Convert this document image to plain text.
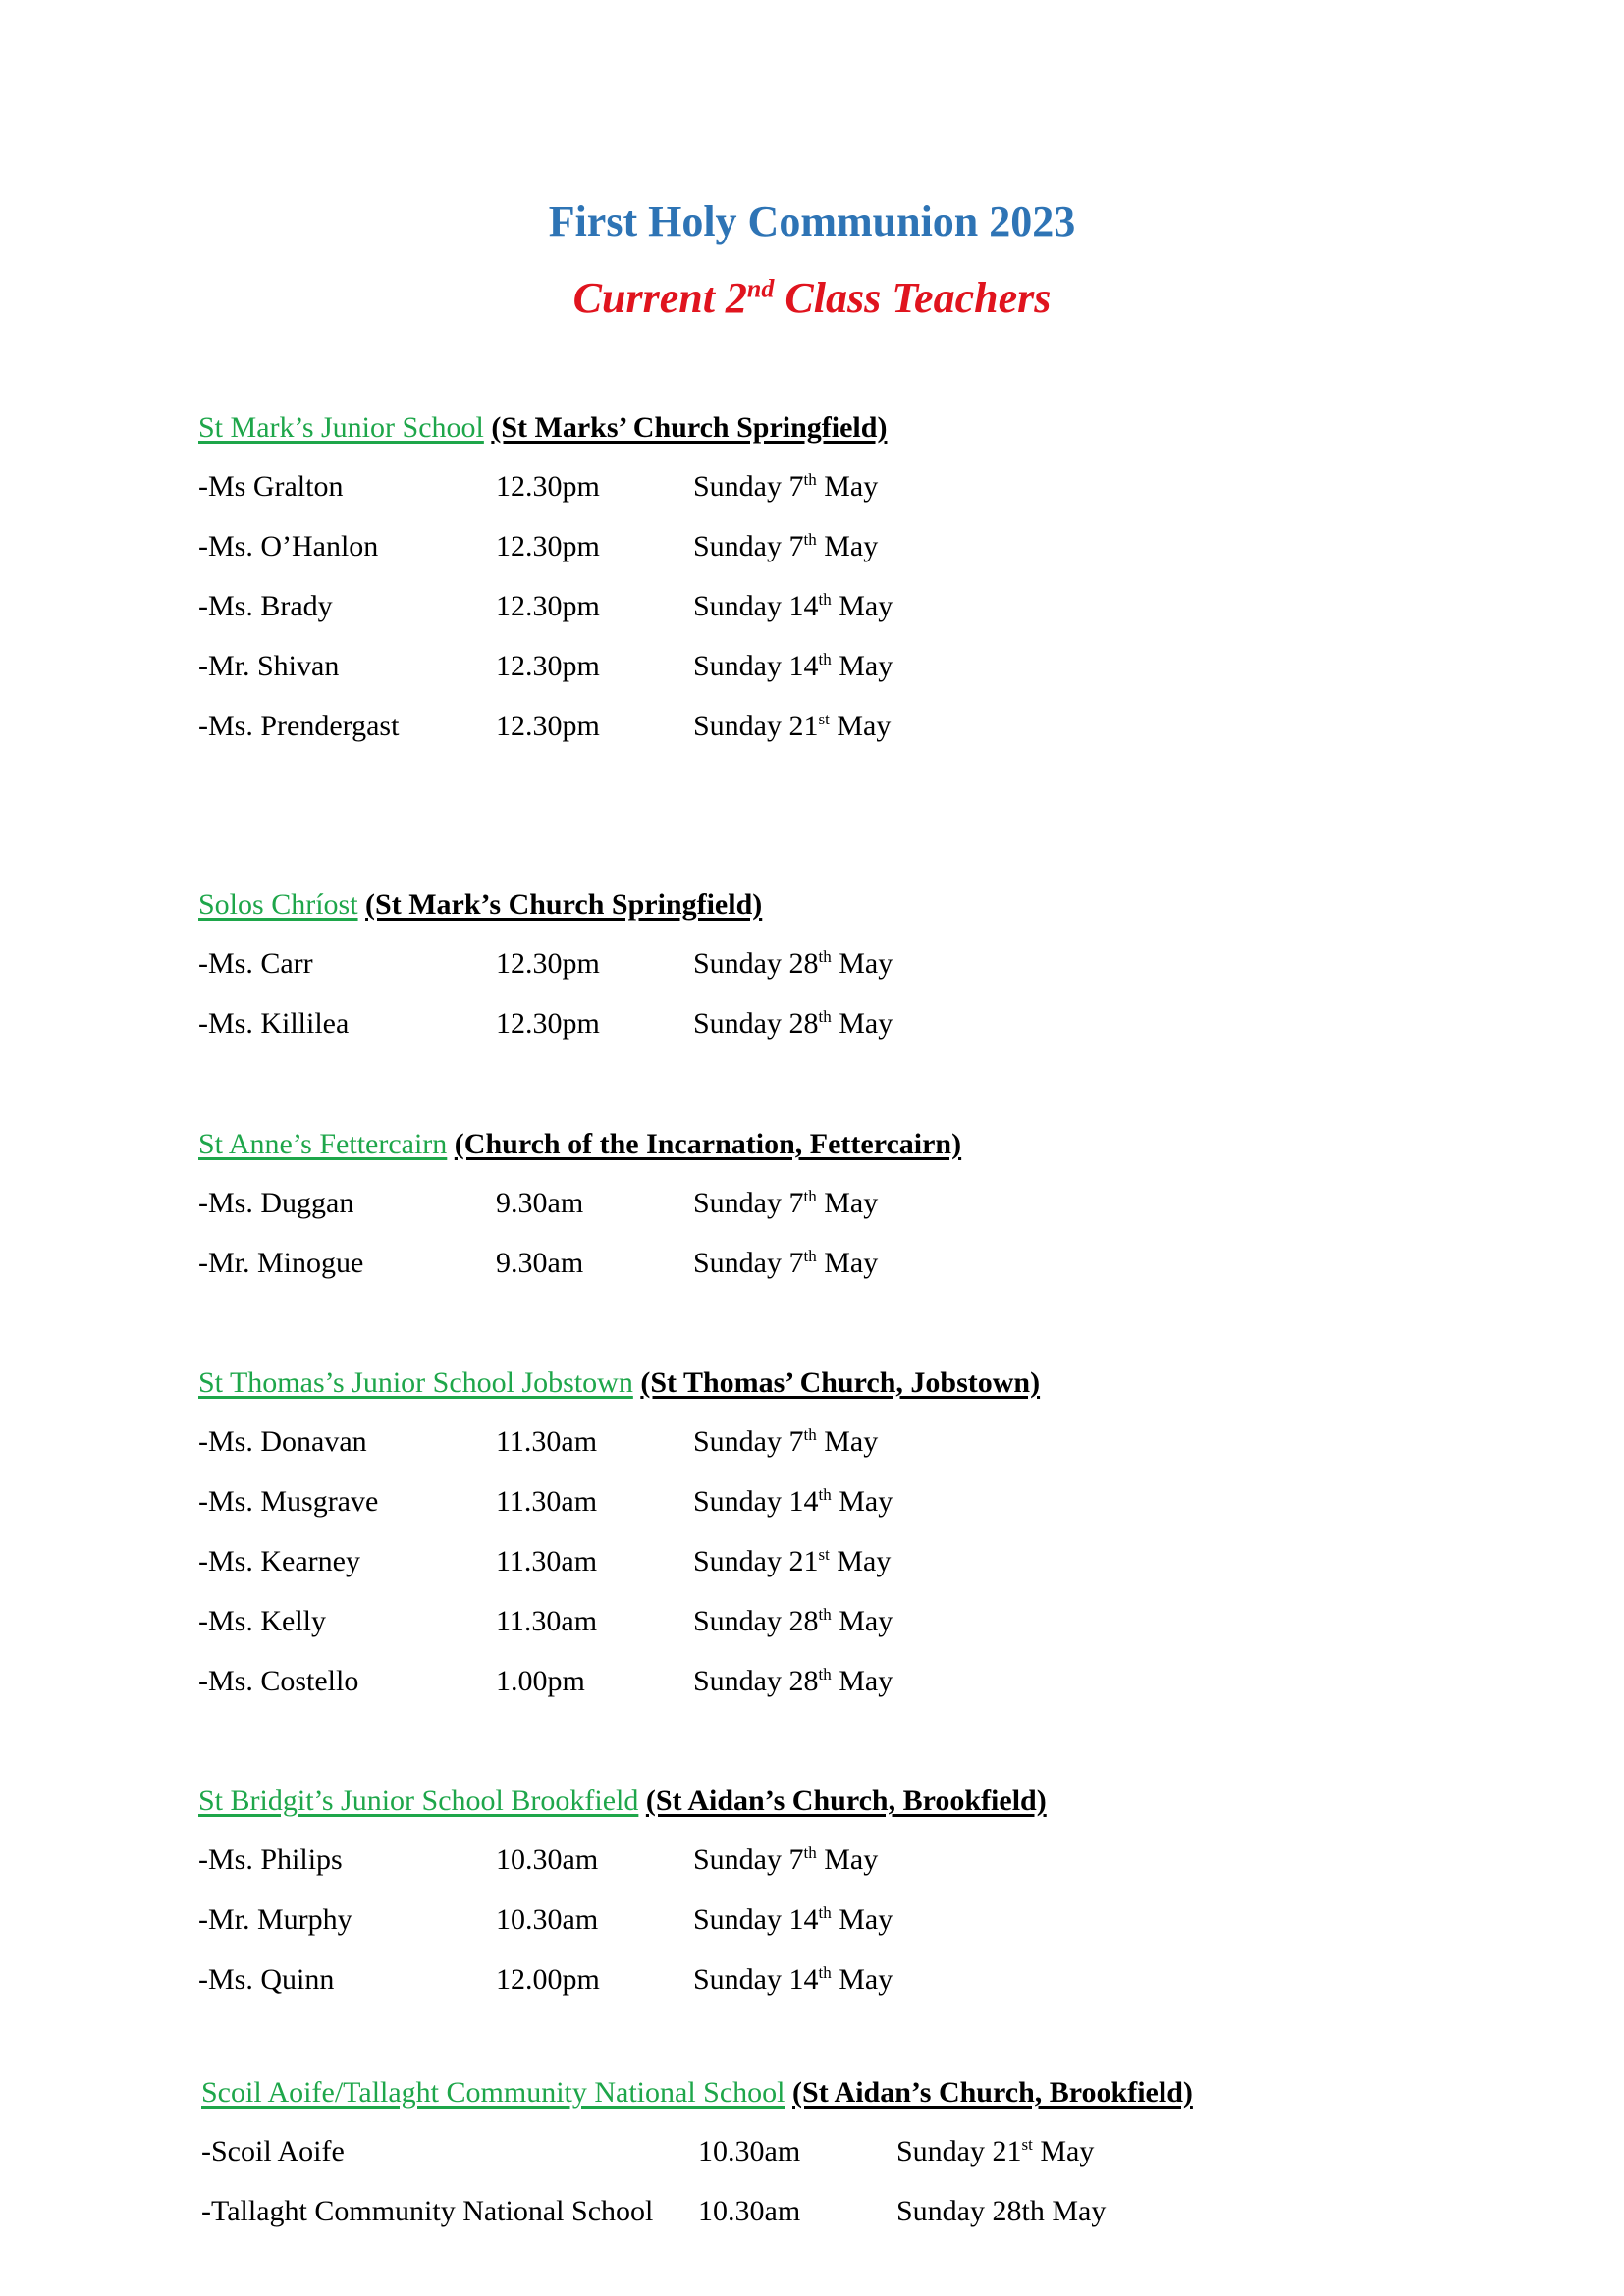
First Holy Communion 2023
Current 2nd Class Teachers
St Mark’s Junior School (St Marks’ Church Springfield)
-Ms Gralton	12.30pm	Sunday 7th May
-Ms. O’Hanlon	12.30pm	Sunday 7th May
-Ms. Brady	12.30pm	Sunday 14th May
-Mr. Shivan	12.30pm	Sunday 14th May
-Ms. Prendergast	12.30pm	Sunday 21st May
Solos Chríost (St Mark’s Church Springfield)
-Ms. Carr	12.30pm	Sunday 28th May
-Ms. Killilea	12.30pm	Sunday 28th May
St Anne’s Fettercairn (Church of the Incarnation, Fettercairn)
-Ms. Duggan	9.30am	Sunday 7th May
-Mr. Minogue	9.30am	Sunday 7th May
St Thomas’s Junior School Jobstown (St Thomas’ Church, Jobstown)
-Ms. Donavan	11.30am	Sunday 7th May
-Ms. Musgrave	11.30am	Sunday 14th May
-Ms. Kearney	11.30am	Sunday 21st May
-Ms. Kelly	11.30am	Sunday 28th May
-Ms. Costello	1.00pm	Sunday 28th May
St Bridgit’s Junior School Brookfield (St Aidan’s Church, Brookfield)
-Ms. Philips	10.30am	Sunday 7th May
-Mr. Murphy	10.30am	Sunday 14th May
-Ms. Quinn	12.00pm	Sunday 14th May
Scoil Aoife/Tallaght Community National School (St Aidan’s Church, Brookfield)
-Scoil Aoife	10.30am	Sunday 21st May
-Tallaght Community National School 10.30am	Sunday 28th May
